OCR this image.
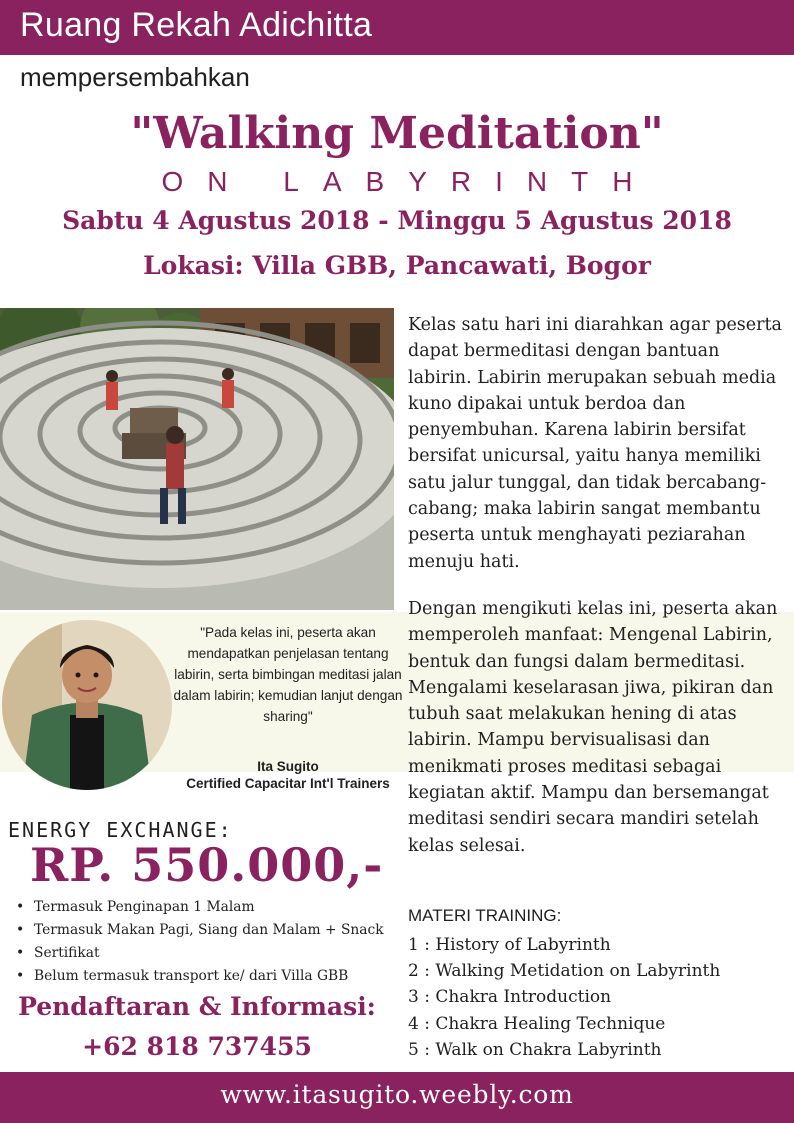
Ruang Rekah Adichitta
mempersembahkan
"Walking Meditation"
ON LABYRINTH
Sabtu 4 Agustus 2018 - Minggu 5 Agustus 2018
Lokasi: Villa GBB, Pancawati, Bogor
Kelas satu hari ini diarahkan agar peserta dapat bermeditasi dengan bantuan labirin. Labirin merupakan sebuah media kuno dipakai untuk berdoa dan penyembuhan. Karena labirin bersifat bersifat unicursal, yaitu hanya memiliki satu jalur tunggal, dan tidak bercabang-cabang; maka labirin sangat membantu peserta untuk menghayati peziarahan menuju hati.
Dengan mengikuti kelas ini, peserta akan memperoleh manfaat: Mengenal Labirin, bentuk dan fungsi dalam bermeditasi. Mengalami keselarasan jiwa, pikiran dan tubuh saat melakukan hening di atas labirin. Mampu bervisualisasi dan menikmati proses meditasi sebagai kegiatan aktif. Mampu dan bersemangat meditasi sendiri secara mandiri setelah kelas selesai.
"Pada kelas ini, peserta akan mendapatkan penjelasan tentang labirin, serta bimbingan meditasi jalan dalam labirin; kemudian lanjut dengan sharing"
Ita Sugito
Certified Capacitar Int'l Trainers
ENERGY EXCHANGE:
RP. 550.000,-
• Termasuk Penginapan 1 Malam
• Termasuk Makan Pagi, Siang dan Malam + Snack
• Sertifikat
• Belum termasuk transport ke/ dari Villa GBB
Pendaftaran & Informasi:
+62 818 737455
MATERI TRAINING:
1 : History of Labyrinth
2 : Walking Metidation on Labyrinth
3 : Chakra Introduction
4 : Chakra Healing Technique
5 : Walk on Chakra Labyrinth
www.itasugito.weebly.com
